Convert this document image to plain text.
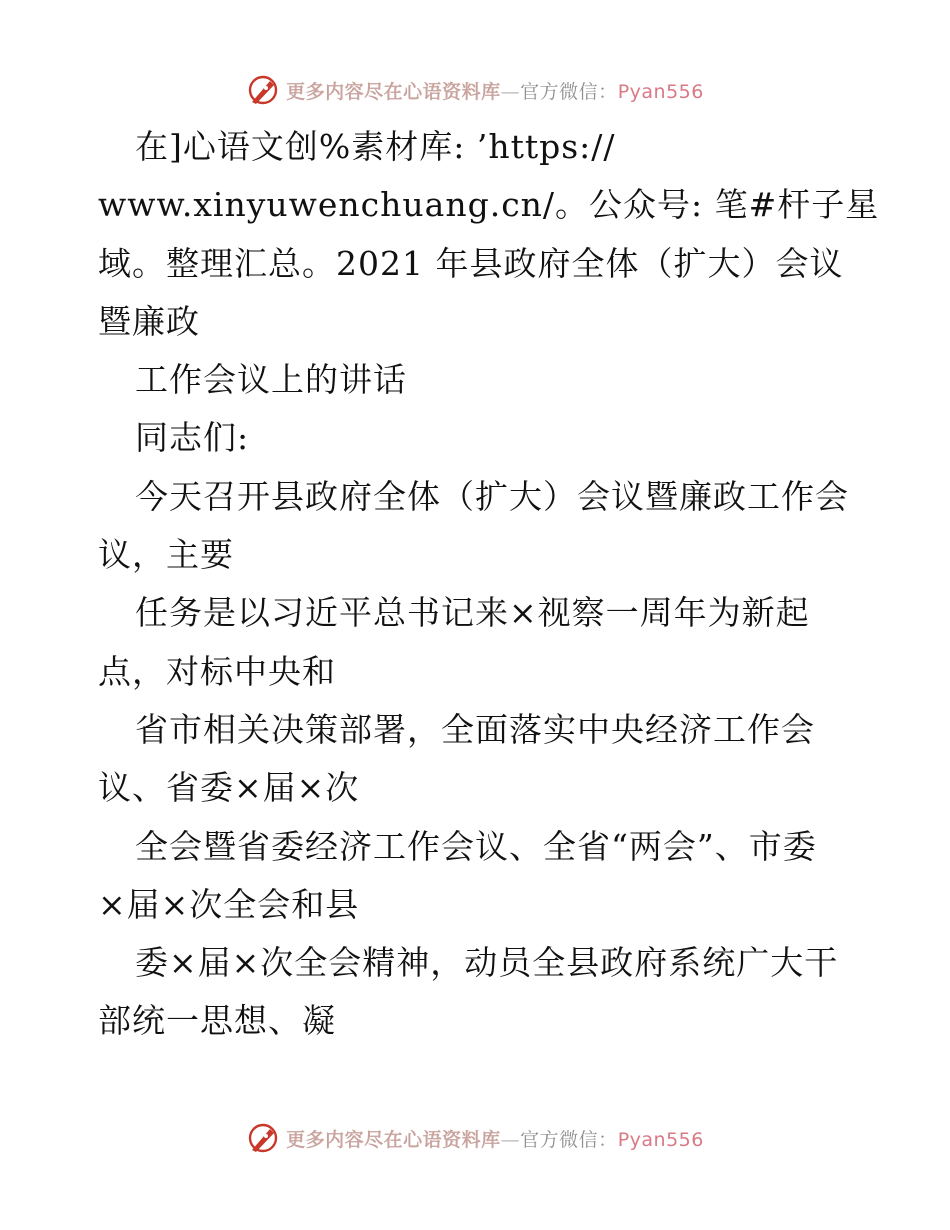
更多内容尽在心语资料库—官方微信：Pyan556
在]心语文创%素材库: ’https://
www.xinyuwenchuang.cn/。公众号: 笔#杆子星
域。整理汇总。2021 年县政府全体（扩大）会议
暨廉政
工作会议上的讲话
同志们:
今天召开县政府全体（扩大）会议暨廉政工作会
议，主要
任务是以习近平总书记来×视察一周年为新起
点，对标中央和
省市相关决策部署，全面落实中央经济工作会
议、省委×届×次
全会暨省委经济工作会议、全省“两会”、市委
×届×次全会和县
委×届×次全会精神，动员全县政府系统广大干
部统一思想、凝
更多内容尽在心语资料库—官方微信：Pyan556
